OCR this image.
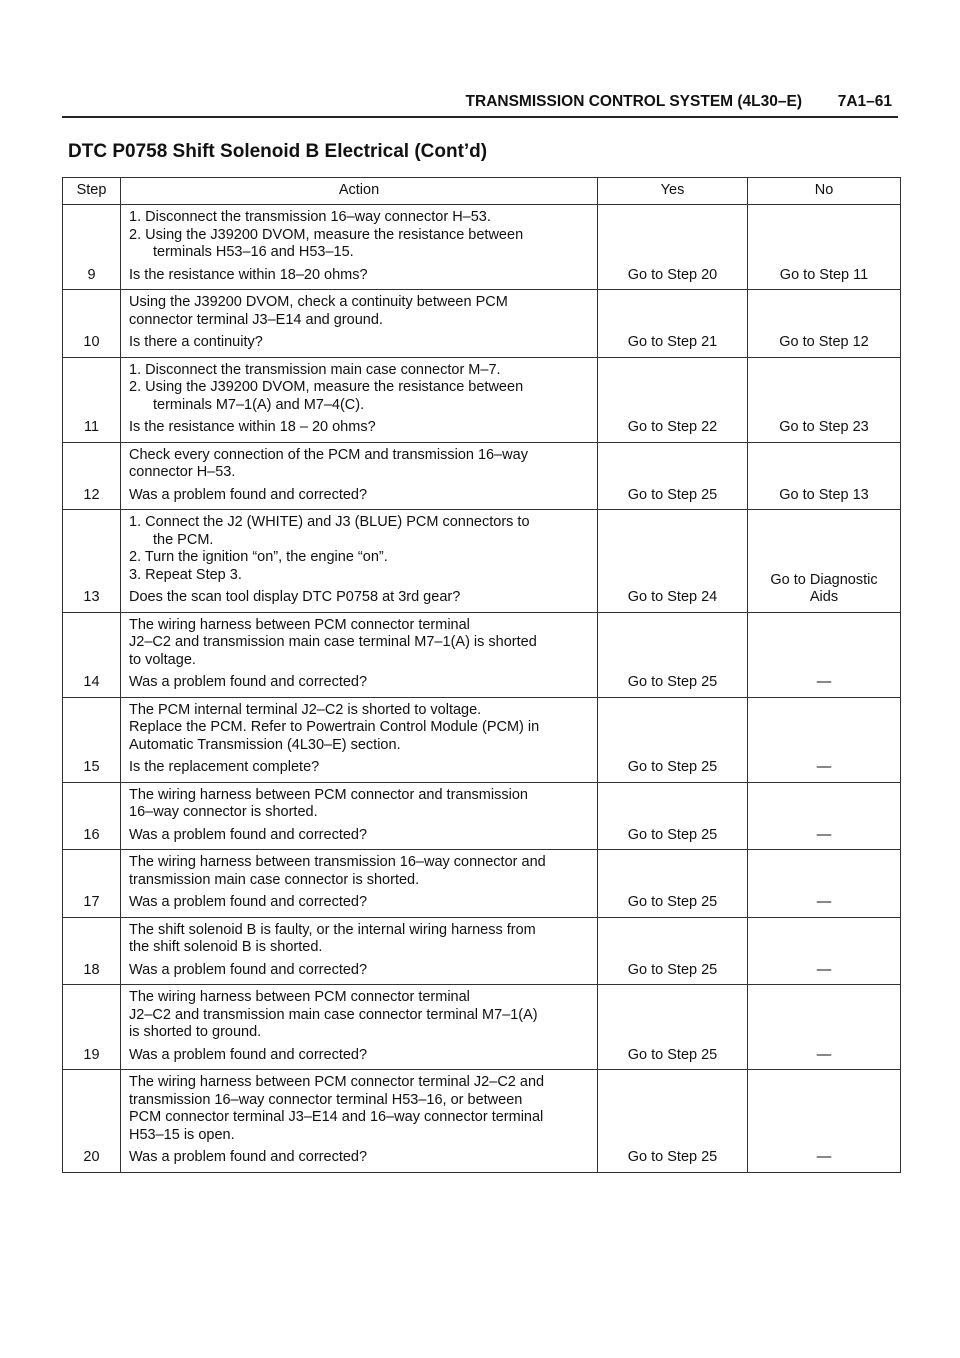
TRANSMISSION CONTROL SYSTEM (4L30–E) 7A1–61
DTC P0758 Shift Solenoid B Electrical (Cont’d)
Step	Action	Yes	No
9	1. Disconnect the transmission 16–way connector H–53.
2. Using the J39200 DVOM, measure the resistance between
terminals H53–16 and H53–15.
Is the resistance within 18–20 ohms?	Go to Step 20	Go to Step 11
10	Using the J39200 DVOM, check a continuity between PCM
connector terminal J3–E14 and ground.
Is there a continuity?	Go to Step 21	Go to Step 12
11	1. Disconnect the transmission main case connector M–7.
2. Using the J39200 DVOM, measure the resistance between
terminals M7–1(A) and M7–4(C).
Is the resistance within 18 – 20 ohms?	Go to Step 22	Go to Step 23
12	Check every connection of the PCM and transmission 16–way
connector H–53.
Was a problem found and corrected?	Go to Step 25	Go to Step 13
13	1. Connect the J2 (WHITE) and J3 (BLUE) PCM connectors to
the PCM.
2. Turn the ignition “on”, the engine “on”.
3. Repeat Step 3.
Does the scan tool display DTC P0758 at 3rd gear?	Go to Step 24	Go to Diagnostic
Aids

14	The wiring harness between PCM connector terminal
J2–C2 and transmission main case terminal M7–1(A) is shorted
to voltage.
Was a problem found and corrected?	Go to Step 25	—
15	The PCM internal terminal J2–C2 is shorted to voltage.
Replace the PCM. Refer to Powertrain Control Module (PCM) in
Automatic Transmission (4L30–E) section.
Is the replacement complete?	Go to Step 25	—
16	The wiring harness between PCM connector and transmission
16–way connector is shorted.
Was a problem found and corrected?	Go to Step 25	—
17	The wiring harness between transmission 16–way connector and
transmission main case connector is shorted.
Was a problem found and corrected?	Go to Step 25	—
18	The shift solenoid B is faulty, or the internal wiring harness from
the shift solenoid B is shorted.
Was a problem found and corrected?	Go to Step 25	—
19	The wiring harness between PCM connector terminal
J2–C2 and transmission main case connector terminal M7–1(A)
is shorted to ground.
Was a problem found and corrected?	Go to Step 25	—
20	The wiring harness between PCM connector terminal J2–C2 and
transmission 16–way connector terminal H53–16, or between
PCM connector terminal J3–E14 and 16–way connector terminal
H53–15 is open.
Was a problem found and corrected?	Go to Step 25	—
